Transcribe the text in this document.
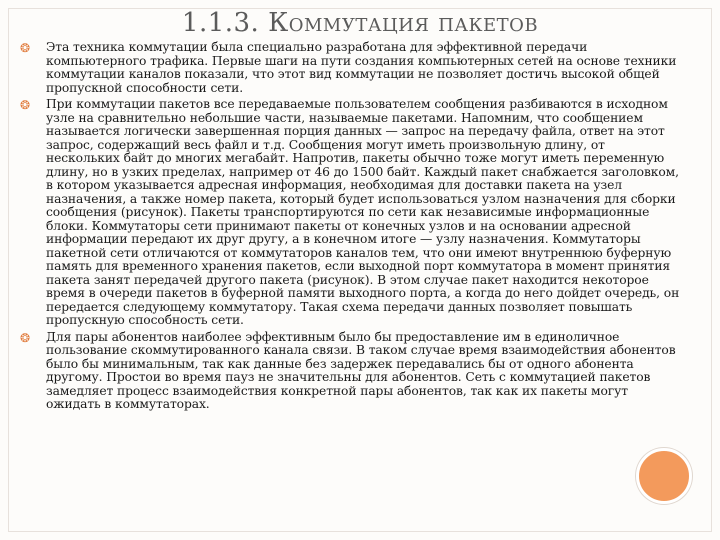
1.1.3. Коммутация пакетов
❂	Эта техника коммутации была специально разработана для эффективной передачи компьютерного трафика. Первые шаги на пути создания компьютерных сетей на основе техники коммутации каналов показали, что этот вид коммутации не позволяет достичь высокой общей пропускной способности сети.
❂	При коммутации пакетов все передаваемые пользователем сообщения разбиваются в исходном узле на сравнительно небольшие части, называемые пакетами. Напомним, что сообщением называется логически завершенная порция данных — запрос на передачу файла, ответ на этот запрос, содержащий весь файл и т.д. Сообщения могут иметь произвольную длину, от нескольких байт до многих мегабайт. Напротив, пакеты обычно тоже могут иметь переменную длину, но в узких пределах, например от 46 до 1500 байт. Каждый пакет снабжается заголовком, в котором указывается адресная информация, необходимая для доставки пакета на узел назначения, а также номер пакета, который будет использоваться узлом назначения для сборки сообщения (рисунок). Пакеты транспортируются по сети как независимые информационные блоки. Коммутаторы сети принимают пакеты от конечных узлов и на основании адресной информации передают их друг другу, а в конечном итоге — узлу назначения. Коммутаторы пакетной сети отличаются от коммутаторов каналов тем, что они имеют внутреннюю буферную память для временного хранения пакетов, если выходной порт коммутатора в момент принятия пакета занят передачей другого пакета (рисунок). В этом случае пакет находится некоторое время в очереди пакетов в буферной памяти выходного порта, а когда до него дойдет очередь, он передается следующему коммутатору. Такая схема передачи данных позволяет повышать пропускную способность сети.
❂	Для пары абонентов наиболее эффективным было бы предоставление им в единоличное пользование скоммутированного канала связи. В таком случае время взаимодействия абонентов было бы минимальным, так как данные без задержек передавались бы от одного абонента другому. Простои во время пауз не значительны для абонентов. Сеть с коммутацией пакетов замедляет процесс взаимодействия конкретной пары абонентов, так как их пакеты могут ожидать в коммутаторах.
